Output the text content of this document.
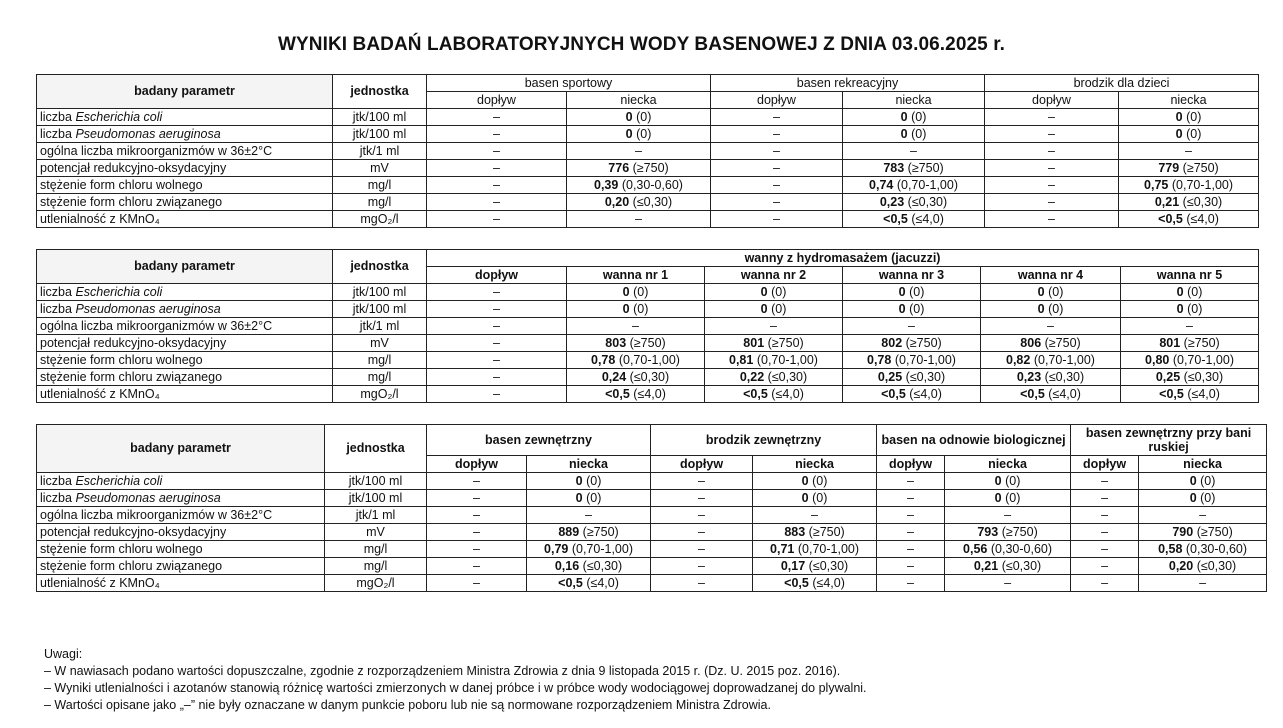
WYNIKI BADAŃ LABORATORYJNYCH WODY BASENOWEJ Z DNIA 03.06.2025 r.
badany parametr	jednostka	basen sportowy		basen rekreacyjny		brodzik dla dzieci	
		dopływ	niecka	dopływ	niecka	dopływ	niecka
liczba Escherichia coli	jtk/100 ml	–	0 (0)	–	0 (0)	–	0 (0)
liczba Pseudomonas aeruginosa	jtk/100 ml	–	0 (0)	–	0 (0)	–	0 (0)
ogólna liczba mikroorganizmów w 36±2°C	jtk/1 ml	–	–	–	–	–	–
potencjał redukcyjno-oksydacyjny	mV	–	776 (≥750)	–	783 (≥750)	–	779 (≥750)
stężenie form chloru wolnego	mg/l	–	0,39 (0,30-0,60)	–	0,74 (0,70-1,00)	–	0,75 (0,70-1,00)
stężenie form chloru związanego	mg/l	–	0,20 (≤0,30)	–	0,23 (≤0,30)	–	0,21 (≤0,30)
utlenialność z KMnO₄	mgO₂/l	–	–	–	<0,5 (≤4,0)	–	<0,5 (≤4,0)
badany parametr	jednostka	wanny z hydromasażem (jacuzzi)					
		dopływ	wanna nr 1	wanna nr 2	wanna nr 3	wanna nr 4	wanna nr 5
liczba Escherichia coli	jtk/100 ml	–	0 (0)	0 (0)	0 (0)	0 (0)	0 (0)
liczba Pseudomonas aeruginosa	jtk/100 ml	–	0 (0)	0 (0)	0 (0)	0 (0)	0 (0)
ogólna liczba mikroorganizmów w 36±2°C	jtk/1 ml	–	–	–	–	–	–
potencjał redukcyjno-oksydacyjny	mV	–	803 (≥750)	801 (≥750)	802 (≥750)	806 (≥750)	801 (≥750)
stężenie form chloru wolnego	mg/l	–	0,78 (0,70-1,00)	0,81 (0,70-1,00)	0,78 (0,70-1,00)	0,82 (0,70-1,00)	0,80 (0,70-1,00)
stężenie form chloru związanego	mg/l	–	0,24 (≤0,30)	0,22 (≤0,30)	0,25 (≤0,30)	0,23 (≤0,30)	0,25 (≤0,30)
utlenialność z KMnO₄	mgO₂/l	–	<0,5 (≤4,0)	<0,5 (≤4,0)	<0,5 (≤4,0)	<0,5 (≤4,0)	<0,5 (≤4,0)
badany parametr	jednostka	basen zewnętrzny		brodzik zewnętrzny		basen na odnowie biologicznej		basen zewnętrzny przy bani ruskiej	
		dopływ	niecka	dopływ	niecka	dopływ	niecka	dopływ	niecka
liczba Escherichia coli	jtk/100 ml	–	0 (0)	–	0 (0)	–	0 (0)	–	0 (0)
liczba Pseudomonas aeruginosa	jtk/100 ml	–	0 (0)	–	0 (0)	–	0 (0)	–	0 (0)
ogólna liczba mikroorganizmów w 36±2°C	jtk/1 ml	–	–	–	–	–	–	–	–
potencjał redukcyjno-oksydacyjny	mV	–	889 (≥750)	–	883 (≥750)	–	793 (≥750)	–	790 (≥750)
stężenie form chloru wolnego	mg/l	–	0,79 (0,70-1,00)	–	0,71 (0,70-1,00)	–	0,56 (0,30-0,60)	–	0,58 (0,30-0,60)
stężenie form chloru związanego	mg/l	–	0,16 (≤0,30)	–	0,17 (≤0,30)	–	0,21 (≤0,30)	–	0,20 (≤0,30)
utlenialność z KMnO₄	mgO₂/l	–	<0,5 (≤4,0)	–	<0,5 (≤4,0)	–	–	–	–
Uwagi:
– W nawiasach podano wartości dopuszczalne, zgodnie z rozporządzeniem Ministra Zdrowia z dnia 9 listopada 2015 r. (Dz. U. 2015 poz. 2016).
– Wyniki utlenialności i azotanów stanowią różnicę wartości zmierzonych w danej próbce i w próbce wody wodociągowej doprowadzanej do plywalni.
– Wartości opisane jako „–” nie były oznaczane w danym punkcie poboru lub nie są normowane rozporządzeniem Ministra Zdrowia.
